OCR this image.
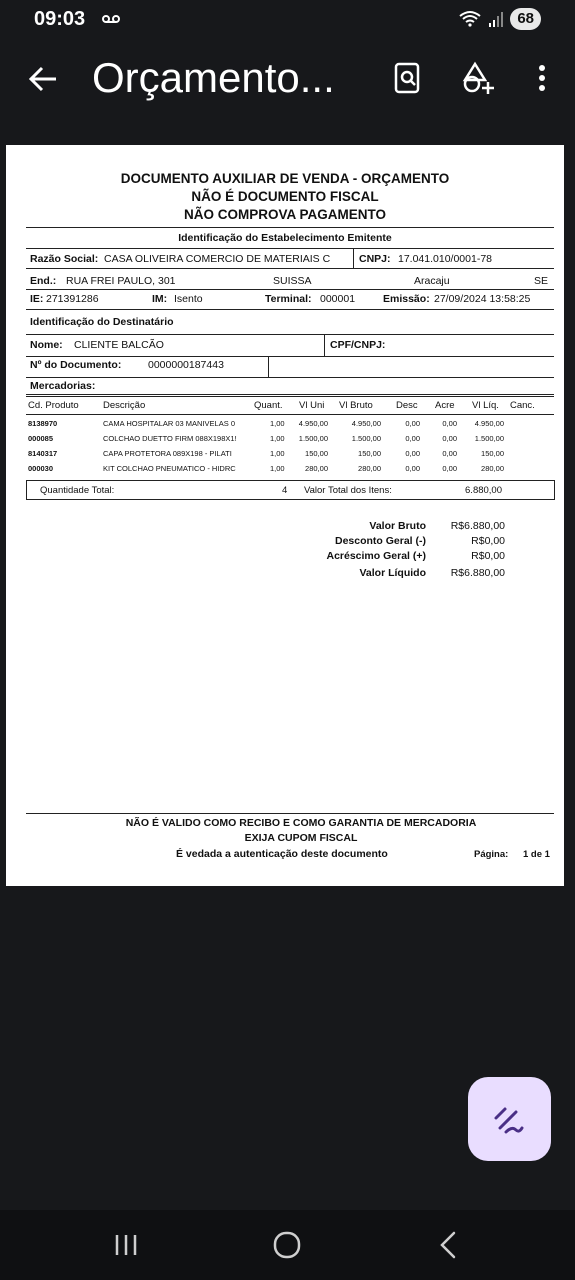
09:03	68
Orçamento...
DOCUMENTO AUXILIAR DE VENDA - ORÇAMENTO
NÃO É DOCUMENTO FISCAL
NÃO COMPROVA PAGAMENTO
Identificação do Estabelecimento Emitente
Razão Social: CASA OLIVEIRA COMERCIO DE MATERIAIS C	CNPJ: 17.041.010/0001-78
End.: RUA FREI PAULO, 301	SUISSA	Aracaju	SE
IE: 271391286	IM: Isento	Terminal: 000001	Emissão: 27/09/2024 13:58:25
Identificação do Destinatário
Nome: CLIENTE BALCÃO	CPF/CNPJ:
Nº do Documento:	0000000187443
Mercadorias:
Cd. Produto	Descrição	Quant. Vl Uni Vl Bruto Desc Acre Vl Líq. Canc.
8138970	CAMA HOSPITALAR 03 MANIVELAS 0	1,00	4.950,00	4.950,00	0,00	0,00	4.950,00
000085	COLCHAO DUETTO FIRM 088X198X1!	1,00	1.500,00	1.500,00	0,00	0,00	1.500,00
8140317	CAPA PROTETORA 089X198 - PILATI	1,00	150,00	150,00	0,00	0,00	150,00
000030	KIT COLCHAO PNEUMATICO - HIDRC	1,00	280,00	280,00	0,00	0,00	280,00
Quantidade Total:	4 Valor Total dos Itens:	6.880,00
Valor Bruto	R$6.880,00
Desconto Geral (-)	R$0,00
Acréscimo Geral (+)	R$0,00
Valor Líquido	R$6.880,00
NÃO É VALIDO COMO RECIBO E COMO GARANTIA DE MERCADORIA
EXIJA CUPOM FISCAL
É vedada a autenticação deste documento	Página: 1 de 1
